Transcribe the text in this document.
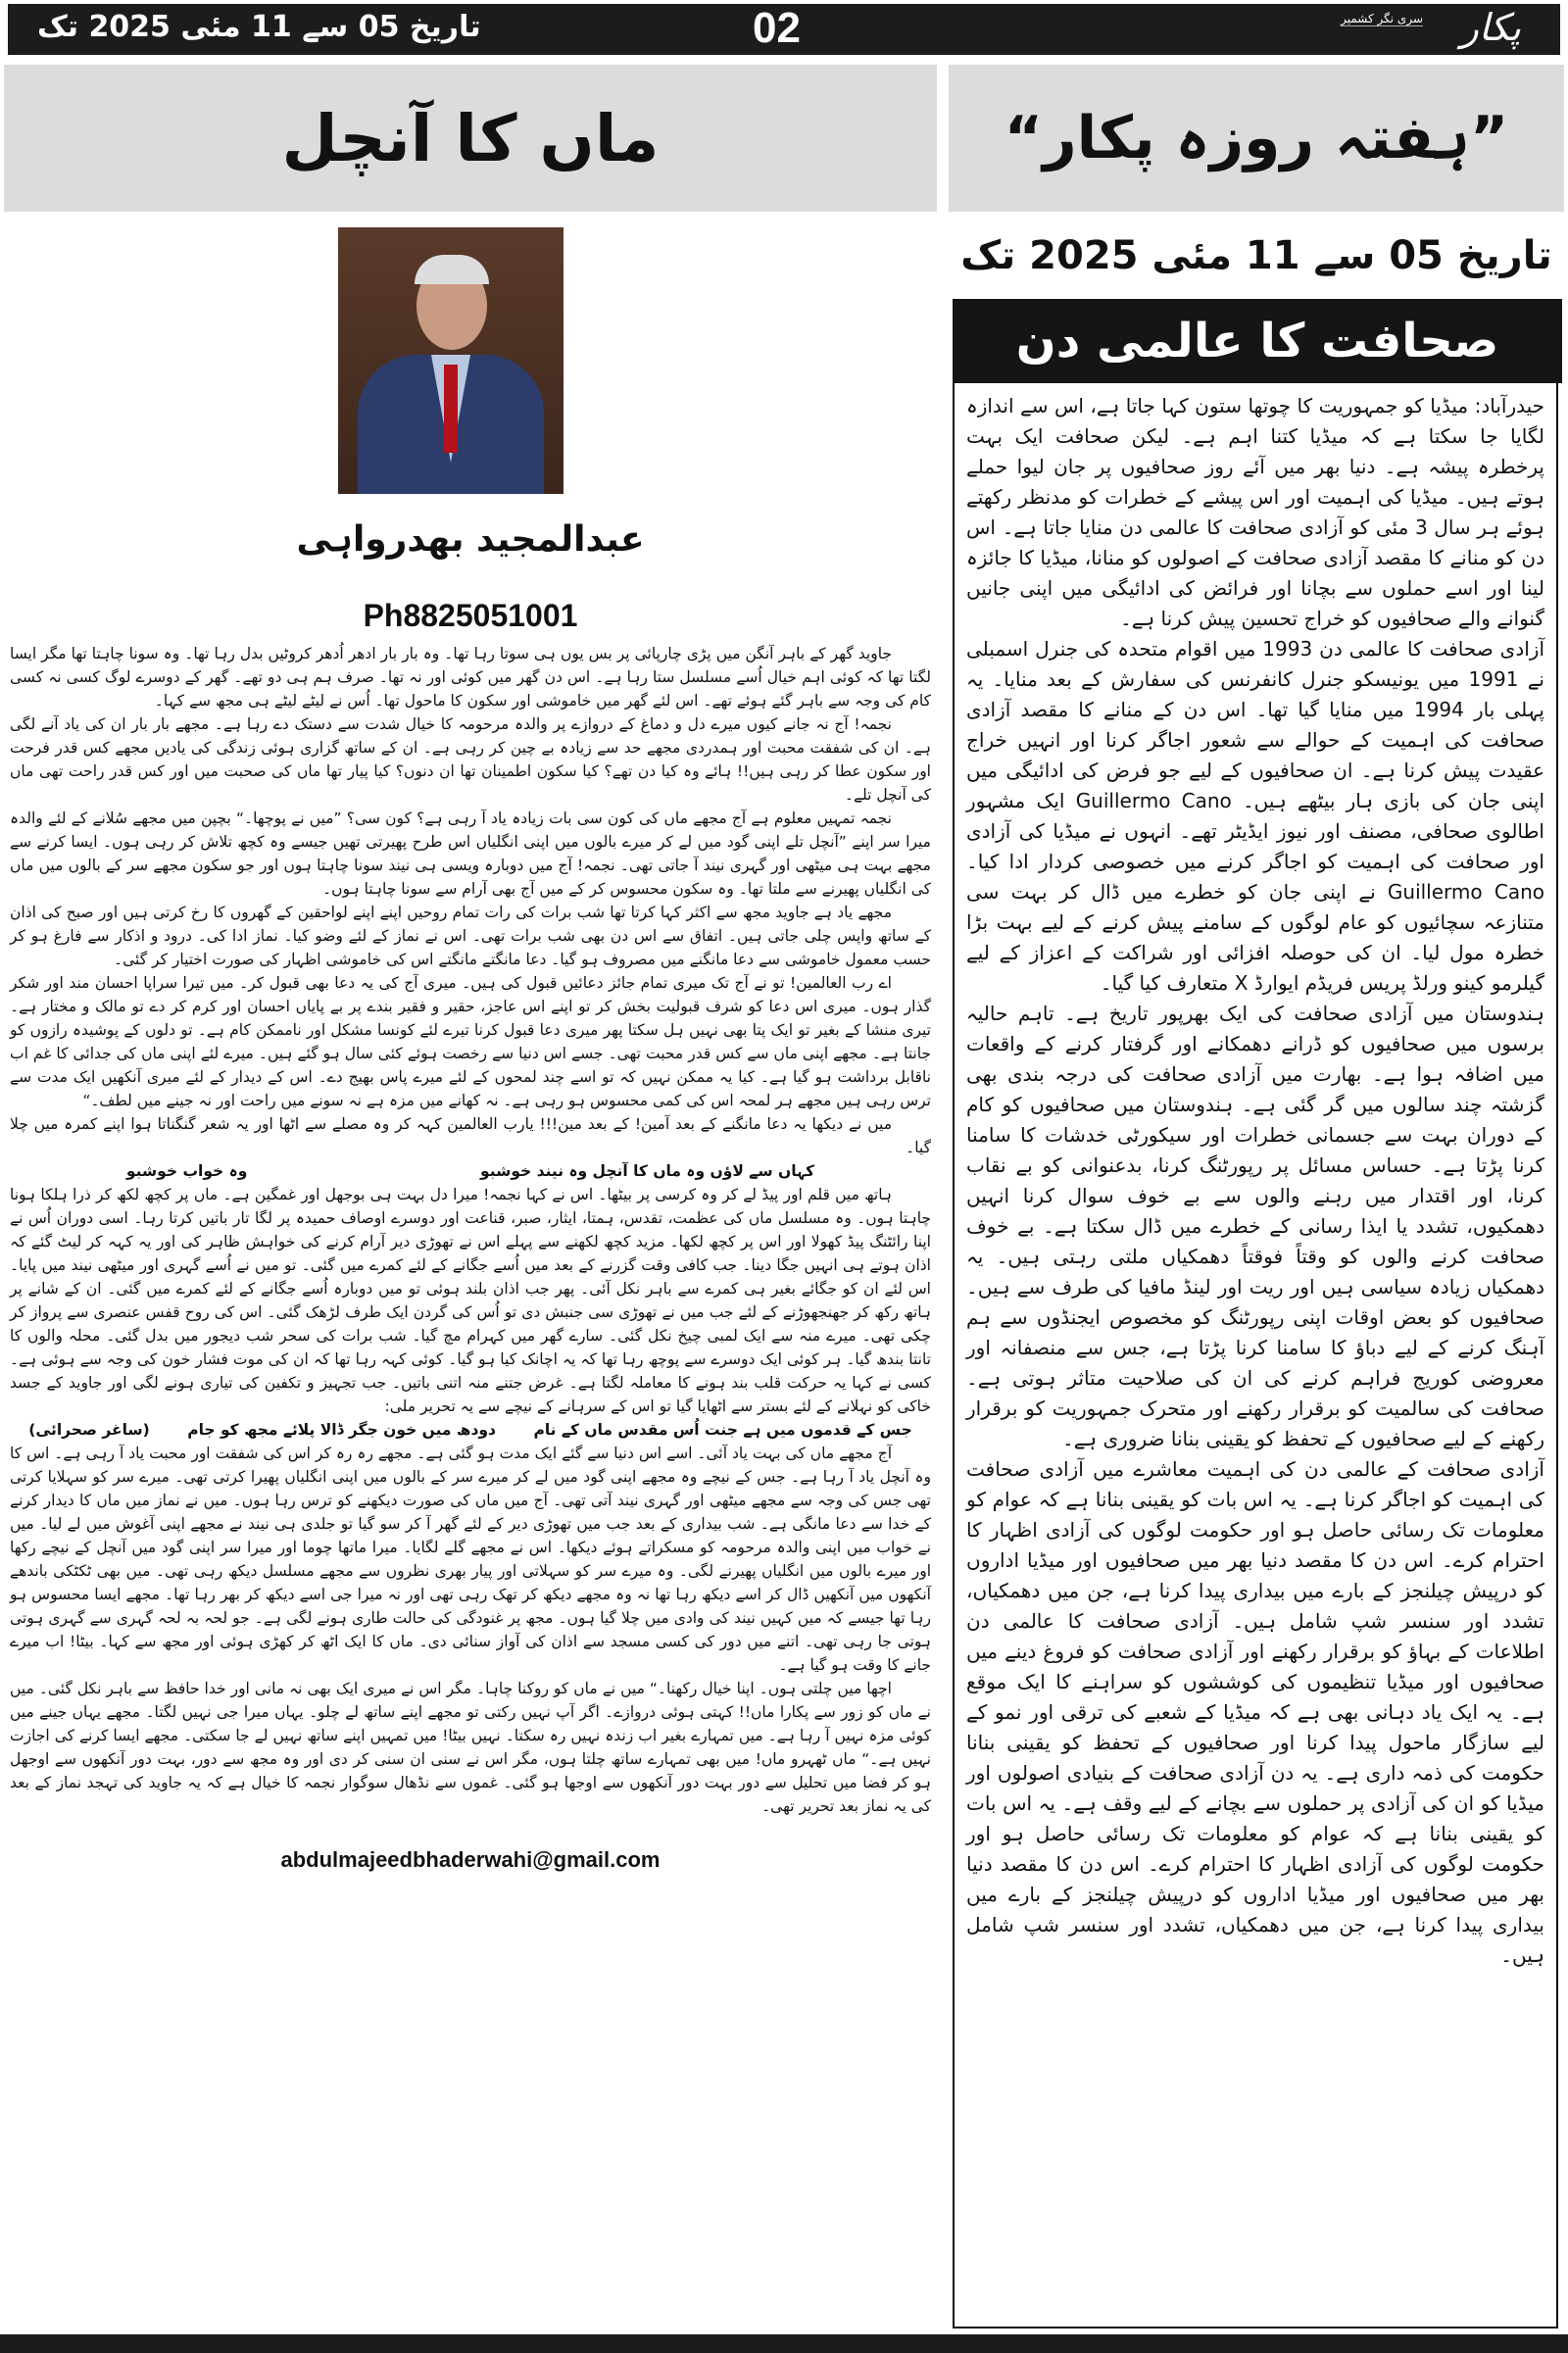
تاریخ 05 سے 11 مئی 2025 تک	02	پکار
سری نگر کشمیر
ماں کا آنچل
عبدالمجید بھدرواہی
Ph8825051001

جاوید گھر کے باہر آنگن میں پڑی چارپائی پر بس یوں ہی سوتا رہا تھا۔ وہ بار بار ادھر اُدھر کروٹیں بدل رہا تھا۔ وہ سونا چاہتا تھا مگر ایسا لگتا تھا کہ کوئی اہم خیال اُسے مسلسل ستا رہا ہے۔ اس دن گھر میں کوئی اور نہ تھا۔ صرف ہم ہی دو تھے۔ گھر کے دوسرے لوگ کسی نہ کسی کام کی وجہ سے باہر گئے ہوئے تھے۔ اس لئے گھر میں خاموشی اور سکون کا ماحول تھا۔ اُس نے لیٹے لیٹے ہی مجھ سے کہا۔

نجمہ! آج نہ جانے کیوں میرے دل و دماغ کے دروازے پر والدہ مرحومہ کا خیال شدت سے دستک دے رہا ہے۔ مجھے بار بار ان کی یاد آنے لگی ہے۔ ان کی شفقت محبت اور ہمدردی مجھے حد سے زیادہ بے چین کر رہی ہے۔ ان کے ساتھ گزاری ہوئی زندگی کی یادیں مجھے کس قدر فرحت اور سکون عطا کر رہی ہیں!! ہائے وہ کیا دن تھے؟ کیا سکون اطمینان تھا ان دنوں؟ کیا پیار تھا ماں کی صحبت میں اور کس قدر راحت تھی ماں کی آنچل تلے۔

نجمہ تمہیں معلوم ہے آج مجھے ماں کی کون سی بات زیادہ یاد آ رہی ہے؟ کون سی؟ ”میں نے پوچھا۔“ بچپن میں مجھے سُلانے کے لئے والدہ میرا سر اپنے ”آنچل تلے اپنی گود میں لے کر میرے بالوں میں اپنی انگلیاں اس طرح پھیرتی تھیں جیسے وہ کچھ تلاش کر رہی ہوں۔ ایسا کرنے سے مجھے بہت ہی میٹھی اور گہری نیند آ جاتی تھی۔ نجمہ! آج میں دوبارہ ویسی ہی نیند سونا چاہتا ہوں اور جو سکون مجھے سر کے بالوں میں ماں کی انگلیاں پھیرنے سے ملتا تھا۔ وہ سکون محسوس کر کے میں آج بھی آرام سے سونا چاہتا ہوں۔

مجھے یاد ہے جاوید مجھ سے اکثر کہا کرتا تھا شب برات کی رات تمام روحیں اپنے اپنے لواحقین کے گھروں کا رخ کرتی ہیں اور صبح کی اذان کے ساتھ واپس چلی جاتی ہیں۔ اتفاق سے اس دن بھی شب برات تھی۔ اس نے نماز کے لئے وضو کیا۔ نماز ادا کی۔ درود و اذکار سے فارغ ہو کر حسب معمول خاموشی سے دعا مانگنے میں مصروف ہو گیا۔ دعا مانگتے مانگتے اس کی خاموشی اظہار کی صورت اختیار کر گئی۔

اے رب العالمین! تو نے آج تک میری تمام جائز دعائیں قبول کی ہیں۔ میری آج کی یہ دعا بھی قبول کر۔ میں تیرا سراپا احسان مند اور شکر گذار ہوں۔ میری اس دعا کو شرف قبولیت بخش کر تو اپنے اس عاجز، حقیر و فقیر بندے پر بے پایاں احسان اور کرم کر دے تو مالک و مختار ہے۔ تیری منشا کے بغیر تو ایک پتا بھی نہیں ہل سکتا پھر میری دعا قبول کرنا تیرے لئے کونسا مشکل اور ناممکن کام ہے۔ تو دلوں کے پوشیدہ رازوں کو جانتا ہے۔ مجھے اپنی ماں سے کس قدر محبت تھی۔ جسے اس دنیا سے رخصت ہوئے کئی سال ہو گئے ہیں۔ میرے لئے اپنی ماں کی جدائی کا غم اب ناقابل برداشت ہو گیا ہے۔ کیا یہ ممکن نہیں کہ تو اسے چند لمحوں کے لئے میرے پاس بھیج دے۔ اس کے دیدار کے لئے میری آنکھیں ایک مدت سے ترس رہی ہیں مجھے ہر لمحہ اس کی کمی محسوس ہو رہی ہے۔ نہ کھانے میں مزہ ہے نہ سونے میں راحت اور نہ جینے میں لطف۔“

میں نے دیکھا یہ دعا مانگنے کے بعد آمین! کے بعد مین!!! یارب العالمین کہہ کر وہ مصلے سے اٹھا اور یہ شعر گنگناتا ہوا اپنے کمرہ میں چلا گیا۔

کہاں سے لاؤں وہ ماں کا آنچل وہ نیند خوشبو
وہ خواب خوشبو

ہاتھ میں قلم اور پیڈ لے کر وہ کرسی پر بیٹھا۔ اس نے کہا نجمہ! میرا دل بہت ہی بوجھل اور غمگین ہے۔ ماں پر کچھ لکھ کر ذرا ہلکا ہونا چاہتا ہوں۔ وہ مسلسل ماں کی عظمت، تقدس، ہمتا، ایثار، صبر، قناعت اور دوسرے اوصاف حمیدہ پر لگا تار باتیں کرتا رہا۔ اسی دوران اُس نے اپنا رائٹنگ پیڈ کھولا اور اس پر کچھ لکھا۔ مزید کچھ لکھنے سے پہلے اس نے تھوڑی دیر آرام کرنے کی خواہش ظاہر کی اور یہ کہہ کر لیٹ گئے کہ اذان ہوتے ہی انہیں جگا دینا۔ جب کافی وقت گزرنے کے بعد میں اُسے جگانے کے لئے کمرے میں گئی۔ تو میں نے اُسے گہری اور میٹھی نیند میں پایا۔ اس لئے ان کو جگائے بغیر ہی کمرے سے باہر نکل آئی۔ پھر جب اذان بلند ہوئی تو میں دوبارہ اُسے جگانے کے لئے کمرے میں گئی۔ ان کے شانے پر ہاتھ رکھ کر جھنجھوڑنے کے لئے جب میں نے تھوڑی سی جنبش دی تو اُس کی گردن ایک طرف لڑھک گئی۔ اس کی روح قفس عنصری سے پرواز کر چکی تھی۔ میرے منہ سے ایک لمبی چیخ نکل گئی۔ سارے گھر میں کہرام مچ گیا۔ شب برات کی سحر شب دیجور میں بدل گئی۔ محلہ والوں کا تانتا بندھ گیا۔ ہر کوئی ایک دوسرے سے پوچھ رہا تھا کہ یہ اچانک کیا ہو گیا۔ کوئی کہہ رہا تھا کہ ان کی موت فشار خون کی وجہ سے ہوئی ہے۔ کسی نے کہا یہ حرکت قلب بند ہونے کا معاملہ لگتا ہے۔ غرض جتنے منہ اتنی باتیں۔ جب تجہیز و تکفین کی تیاری ہونے لگی اور جاوید کے جسد خاکی کو نہلانے کے لئے بستر سے اٹھایا گیا تو اس کے سرہانے کے نیچے سے یہ تحریر ملی:

جس کے قدموں میں ہے جنت اُس مقدس ماں کے نام
دودھ میں خون جگر ڈالا پلائے مجھ کو جام
(ساغر صحرائی)

آج مجھے ماں کی بہت یاد آئی۔ اسے اس دنیا سے گئے ایک مدت ہو گئی ہے۔ مجھے رہ رہ کر اس کی شفقت اور محبت یاد آ رہی ہے۔ اس کا وہ آنچل یاد آ رہا ہے۔ جس کے نیچے وہ مجھے اپنی گود میں لے کر میرے سر کے بالوں میں اپنی انگلیاں پھیرا کرتی تھی۔ میرے سر کو سہلایا کرتی تھی جس کی وجہ سے مجھے میٹھی اور گہری نیند آتی تھی۔ آج میں ماں کی صورت دیکھنے کو ترس رہا ہوں۔ میں نے نماز میں ماں کا دیدار کرنے کے خدا سے دعا مانگی ہے۔ شب بیداری کے بعد جب میں تھوڑی دیر کے لئے گھر آ کر سو گیا تو جلدی ہی نیند نے مجھے اپنی آغوش میں لے لیا۔ میں نے خواب میں اپنی والدہ مرحومہ کو مسکراتے ہوئے دیکھا۔ اس نے مجھے گلے لگایا۔ میرا ماتھا چوما اور میرا سر اپنی گود میں آنچل کے نیچے رکھا اور میرے بالوں میں انگلیاں پھیرنے لگی۔ وہ میرے سر کو سہلاتی اور پیار بھری نظروں سے مجھے مسلسل دیکھ رہی تھی۔ میں بھی ٹکٹکی باندھے آنکھوں میں آنکھیں ڈال کر اسے دیکھ رہا تھا نہ وہ مجھے دیکھ کر تھک رہی تھی اور نہ میرا جی اسے دیکھ کر بھر رہا تھا۔ مجھے ایسا محسوس ہو رہا تھا جیسے کہ میں کہیں نیند کی وادی میں چلا گیا ہوں۔ مجھ پر غنودگی کی حالت طاری ہونے لگی ہے۔ جو لحہ بہ لحہ گہری سے گہری ہوتی ہوتی جا رہی تھی۔ اتنے میں دور کی کسی مسجد سے اذان کی آواز سنائی دی۔ ماں کا ایک اٹھ کر کھڑی ہوئی اور مجھ سے کہا۔ بیٹا! اب میرے جانے کا وقت ہو گیا ہے۔

اچھا میں چلتی ہوں۔ اپنا خیال رکھنا۔“ میں نے ماں کو روکنا چاہا۔ مگر اس نے میری ایک بھی نہ مانی اور خدا حافظ سے باہر نکل گئی۔ میں نے ماں کو زور سے پکارا ماں!! کہتی ہوئی دروازے۔ اگر آپ نہیں رکتی تو مجھے اپنے ساتھ لے چلو۔ یہاں میرا جی نہیں لگتا۔ مجھے یہاں جینے میں کوئی مزہ نہیں آ رہا ہے۔ میں تمہارے بغیر اب زندہ نہیں رہ سکتا۔ نہیں بیٹا! میں تمہیں اپنے ساتھ نہیں لے جا سکتی۔ مجھے ایسا کرنے کی اجازت نہیں ہے۔“ ماں ٹھہرو ماں! میں بھی تمہارے ساتھ چلتا ہوں، مگر اس نے سنی ان سنی کر دی اور وہ مجھ سے دور، بہت دور آنکھوں سے اوجھل ہو کر فضا میں تحلیل سے دور بہت دور آنکھوں سے اوجھا ہو گئی۔ غموں سے نڈھال سوگوار نجمہ کا خیال ہے کہ یہ جاوید کی تہجد نماز کے بعد کی یہ نماز بعد تحریر تھی۔

abdulmajeedbhaderwahi@gmail.com
”ہفتہ روزہ پکار“
تاریخ 05 سے 11 مئی 2025 تک
صحافت کا عالمی دن

حیدرآباد: میڈیا کو جمہوریت کا چوتھا ستون کہا جاتا ہے، اس سے اندازہ لگایا جا سکتا ہے کہ میڈیا کتنا اہم ہے۔ لیکن صحافت ایک بہت پرخطرہ پیشہ ہے۔ دنیا بھر میں آئے روز صحافیوں پر جان لیوا حملے ہوتے ہیں۔ میڈیا کی اہمیت اور اس پیشے کے خطرات کو مدنظر رکھتے ہوئے ہر سال 3 مئی کو آزادی صحافت کا عالمی دن منایا جاتا ہے۔ اس دن کو منانے کا مقصد آزادی صحافت کے اصولوں کو منانا، میڈیا کا جائزہ لینا اور اسے حملوں سے بچانا اور فرائض کی ادائیگی میں اپنی جانیں گنوانے والے صحافیوں کو خراج تحسین پیش کرنا ہے۔

آزادی صحافت کا عالمی دن 1993 میں اقوام متحدہ کی جنرل اسمبلی نے 1991 میں یونیسکو جنرل کانفرنس کی سفارش کے بعد منایا۔ یہ پہلی بار 1994 میں منایا گیا تھا۔ اس دن کے منانے کا مقصد آزادی صحافت کی اہمیت کے حوالے سے شعور اجاگر کرنا اور انہیں خراج عقیدت پیش کرنا ہے۔ ان صحافیوں کے لیے جو فرض کی ادائیگی میں اپنی جان کی بازی ہار بیٹھے ہیں۔ Guillermo Cano ایک مشہور اطالوی صحافی، مصنف اور نیوز ایڈیٹر تھے۔ انہوں نے میڈیا کی آزادی اور صحافت کی اہمیت کو اجاگر کرنے میں خصوصی کردار ادا کیا۔ Guillermo Cano نے اپنی جان کو خطرے میں ڈال کر بہت سی متنازعہ سچائیوں کو عام لوگوں کے سامنے پیش کرنے کے لیے بہت بڑا خطرہ مول لیا۔ ان کی حوصلہ افزائی اور شراکت کے اعزاز کے لیے گیلرمو کینو ورلڈ پریس فریڈم ایوارڈ X متعارف کیا گیا۔

ہندوستان میں آزادی صحافت کی ایک بھرپور تاریخ ہے۔ تاہم حالیہ برسوں میں صحافیوں کو ڈرانے دھمکانے اور گرفتار کرنے کے واقعات میں اضافہ ہوا ہے۔ بھارت میں آزادی صحافت کی درجہ بندی بھی گزشتہ چند سالوں میں گر گئی ہے۔ ہندوستان میں صحافیوں کو کام کے دوران بہت سے جسمانی خطرات اور سیکورٹی خدشات کا سامنا کرنا پڑتا ہے۔ حساس مسائل پر رپورٹنگ کرنا، بدعنوانی کو بے نقاب کرنا، اور اقتدار میں رہنے والوں سے بے خوف سوال کرنا انہیں دھمکیوں، تشدد یا ایذا رسانی کے خطرے میں ڈال سکتا ہے۔ بے خوف صحافت کرنے والوں کو وقتاً فوقتاً دھمکیاں ملتی رہتی ہیں۔ یہ دھمکیاں زیادہ سیاسی ہیں اور ریت اور لینڈ مافیا کی طرف سے ہیں۔ صحافیوں کو بعض اوقات اپنی رپورٹنگ کو مخصوص ایجنڈوں سے ہم آہنگ کرنے کے لیے دباؤ کا سامنا کرنا پڑتا ہے، جس سے منصفانہ اور معروضی کوریج فراہم کرنے کی ان کی صلاحیت متاثر ہوتی ہے۔ صحافت کی سالمیت کو برقرار رکھنے اور متحرک جمہوریت کو برقرار رکھنے کے لیے صحافیوں کے تحفظ کو یقینی بنانا ضروری ہے۔

آزادی صحافت کے عالمی دن کی اہمیت معاشرے میں آزادی صحافت کی اہمیت کو اجاگر کرنا ہے۔ یہ اس بات کو یقینی بنانا ہے کہ عوام کو معلومات تک رسائی حاصل ہو اور حکومت لوگوں کی آزادی اظہار کا احترام کرے۔ اس دن کا مقصد دنیا بھر میں صحافیوں اور میڈیا اداروں کو درپیش چیلنجز کے بارے میں بیداری پیدا کرنا ہے، جن میں دھمکیاں، تشدد اور سنسر شپ شامل ہیں۔ آزادی صحافت کا عالمی دن اطلاعات کے بہاؤ کو برقرار رکھنے اور آزادی صحافت کو فروغ دینے میں صحافیوں اور میڈیا تنظیموں کی کوششوں کو سراہنے کا ایک موقع ہے۔ یہ ایک یاد دہانی بھی ہے کہ میڈیا کے شعبے کی ترقی اور نمو کے لیے سازگار ماحول پیدا کرنا اور صحافیوں کے تحفظ کو یقینی بنانا حکومت کی ذمہ داری ہے۔ یہ دن آزادی صحافت کے بنیادی اصولوں اور میڈیا کو ان کی آزادی پر حملوں سے بچانے کے لیے وقف ہے۔ یہ اس بات کو یقینی بنانا ہے کہ عوام کو معلومات تک رسائی حاصل ہو اور حکومت لوگوں کی آزادی اظہار کا احترام کرے۔ اس دن کا مقصد دنیا بھر میں صحافیوں اور میڈیا اداروں کو درپیش چیلنجز کے بارے میں بیداری پیدا کرنا ہے، جن میں دھمکیاں، تشدد اور سنسر شپ شامل ہیں۔
